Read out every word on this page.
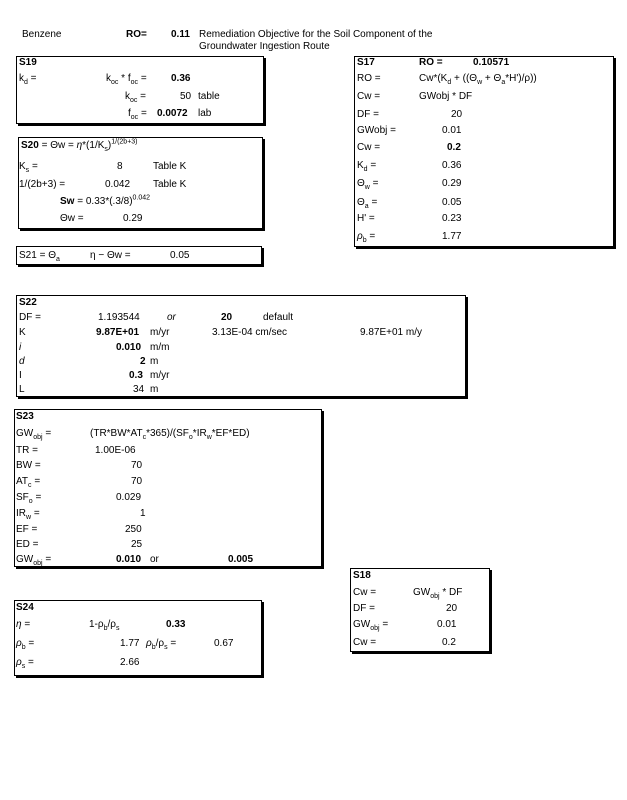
Benzene	RO= 0.11 Remediation Objective for the Soil Component of the
Groundwater Ingestion Route
S19
$k_d$ =	$k_{oc} * f_{oc} = 0.36$
$k_{oc}$ =	50 table
$f_{oc} = 0.0072$ lab
$S20 = \Theta w = \eta*(1/K_s)^{1/(2b+3)}$
$K_s$ =	8	Table K
1/(2b+3) =	0.042 Table K
$Sw = 0.33*(.3/8)^{0.042}$
Θw =	0.29
$S21 = \Theta_a$	η − Θw =	0.05
S22
DF =	1.193544	or	20	default
K	9.87E+01 m/yr	3.13E-04 cm/sec	9.87E+01 m/y
i	0.010 m/m
d	2 m
I	0.3 m/yr
L	34 m
S23
$GW_{obj}$ =	$(TR*BW*AT_c*365)/(SF_o*IR_w*EF*ED)$
TR =	1.00E-06
BW =	70
$AT_c$ =	70
$SF_o$ =	0.029
$IR_w$ =	1
EF =	250
ED =	25
$GW_{obj}$ =	0.010 or	0.005
S24
η =	$1-\rho_b/\rho_s$	0.33
$\rho_b$ =	1.77 $\rho_b/\rho_s$ =	0.67
$\rho_s$ =	2.66
S17	RO =	0.10571
RO =	$Cw*(K_d + ((\Theta_w + \Theta_a*H')/\rho))$
Cw =	GWobj * DF
DF =	20
GWobj =	0.01
Cw =	0.2
$K_d$ =	0.36
$\Theta_w$ =	0.29
$\Theta_a$ =	0.05
H' =	0.23
$\rho_b$ =	1.77
S18
Cw =	$GW_{obj}$ * DF
DF =	20
$GW_{obj}$ =	0.01
Cw =	0.2
